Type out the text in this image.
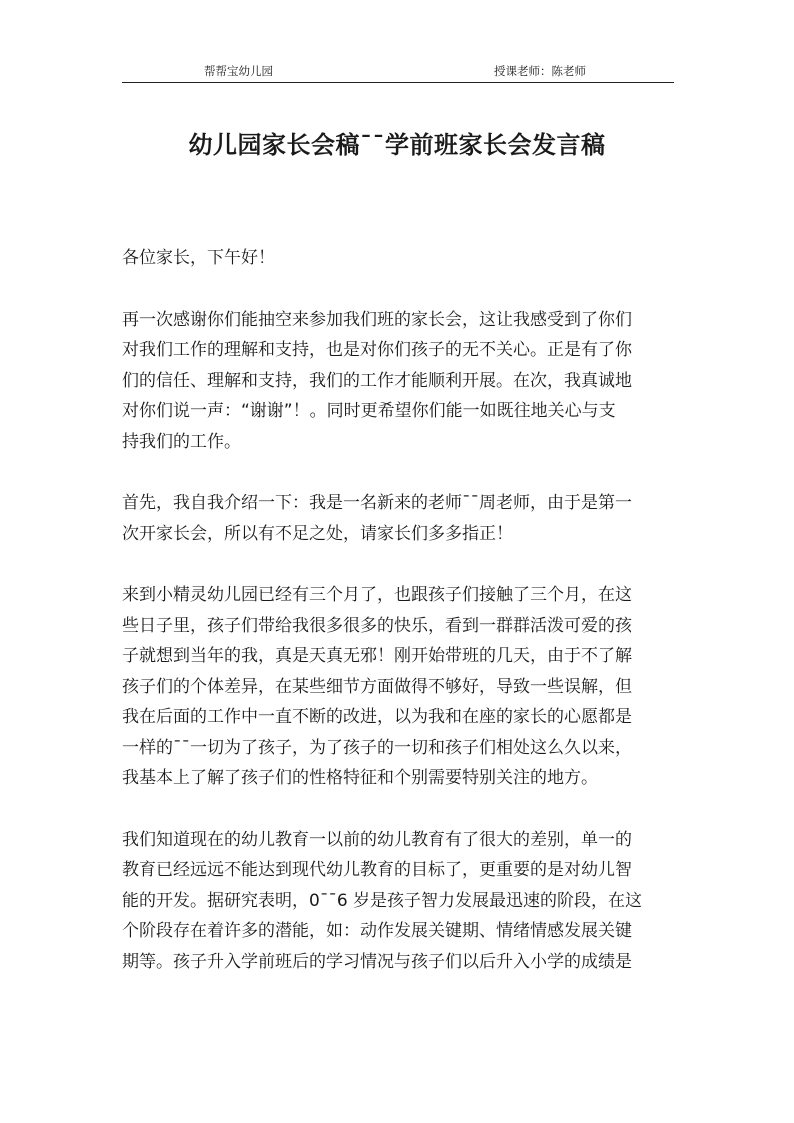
帮帮宝幼儿园	授课老师：陈老师
幼儿园家长会稿¯¯学前班家长会发言稿
各位家长，下午好！
再一次感谢你们能抽空来参加我们班的家长会，这让我感受到了你们
对我们工作的理解和支持，也是对你们孩子的无不关心。正是有了你
们的信任、理解和支持，我们的工作才能顺利开展。在次，我真诚地
对你们说一声：“谢谢”！。同时更希望你们能一如既往地关心与支
持我们的工作。
首先，我自我介绍一下：我是一名新来的老师¯¯周老师，由于是第一
次开家长会，所以有不足之处，请家长们多多指正！
来到小精灵幼儿园已经有三个月了，也跟孩子们接触了三个月，在这
些日子里，孩子们带给我很多很多的快乐，看到一群群活泼可爱的孩
子就想到当年的我，真是天真无邪！刚开始带班的几天，由于不了解
孩子们的个体差异，在某些细节方面做得不够好，导致一些误解，但
我在后面的工作中一直不断的改进，以为我和在座的家长的心愿都是
一样的¯¯一切为了孩子，为了孩子的一切和孩子们相处这么久以来，
我基本上了解了孩子们的性格特征和个别需要特别关注的地方。
我们知道现在的幼儿教育一以前的幼儿教育有了很大的差别，单一的
教育已经远远不能达到现代幼儿教育的目标了，更重要的是对幼儿智
能的开发。据研究表明，0¯¯6 岁是孩子智力发展最迅速的阶段，在这
个阶段存在着许多的潜能，如：动作发展关键期、情绪情感发展关键
期等。孩子升入学前班后的学习情况与孩子们以后升入小学的成绩是
